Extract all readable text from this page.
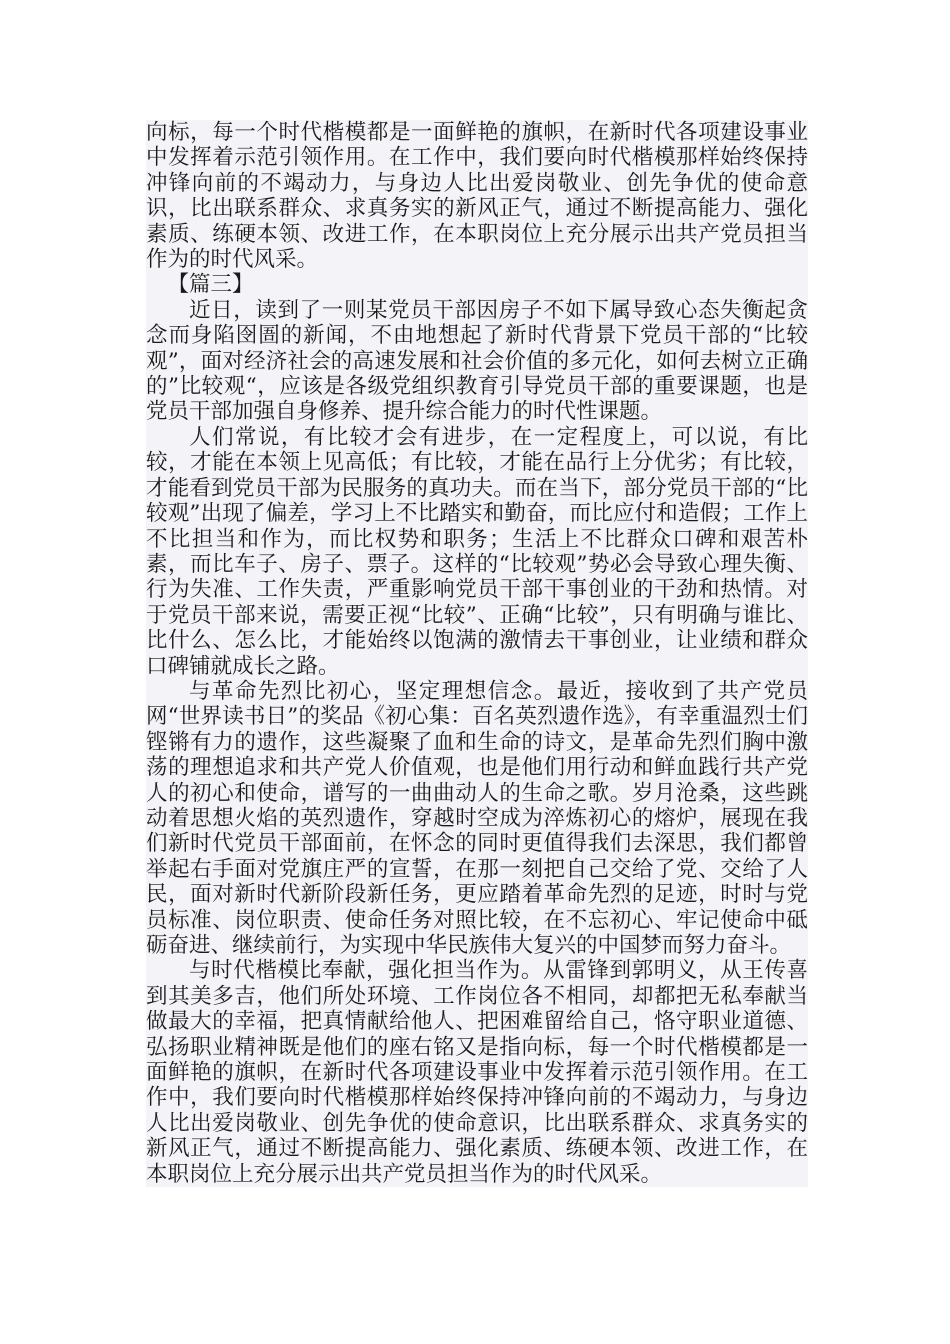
向标，每一个时代楷模都是一面鲜艳的旗帜，在新时代各项建设事业中发挥着示范引领作用。在工作中，我们要向时代楷模那样始终保持冲锋向前的不竭动力，与身边人比出爱岗敬业、创先争优的使命意识，比出联系群众、求真务实的新风正气，通过不断提高能力、强化素质、练硬本领、改进工作，在本职岗位上充分展示出共产党员担当作为的时代风采。

【篇三】

近日，读到了一则某党员干部因房子不如下属导致心态失衡起贪念而身陷囹圄的新闻，不由地想起了新时代背景下党员干部的“比较观”，面对经济社会的高速发展和社会价值的多元化，如何去树立正确的”比较观“，应该是各级党组织教育引导党员干部的重要课题，也是党员干部加强自身修养、提升综合能力的时代性课题。

人们常说，有比较才会有进步，在一定程度上，可以说，有比较，才能在本领上见高低；有比较，才能在品行上分优劣；有比较，才能看到党员干部为民服务的真功夫。而在当下，部分党员干部的“比较观”出现了偏差，学习上不比踏实和勤奋，而比应付和造假；工作上不比担当和作为，而比权势和职务；生活上不比群众口碑和艰苦朴素，而比车子、房子、票子。这样的“比较观”势必会导致心理失衡、行为失准、工作失责，严重影响党员干部干事创业的干劲和热情。对于党员干部来说，需要正视“比较”、正确“比较”，只有明确与谁比、比什么、怎么比，才能始终以饱满的激情去干事创业，让业绩和群众口碑铺就成长之路。

与革命先烈比初心，坚定理想信念。最近，接收到了共产党员网“世界读书日”的奖品《初心集：百名英烈遗作选》，有幸重温烈士们铿锵有力的遗作，这些凝聚了血和生命的诗文，是革命先烈们胸中激荡的理想追求和共产党人价值观，也是他们用行动和鲜血践行共产党人的初心和使命，谱写的一曲曲动人的生命之歌。岁月沧桑，这些跳动着思想火焰的英烈遗作，穿越时空成为淬炼初心的熔炉，展现在我们新时代党员干部面前，在怀念的同时更值得我们去深思，我们都曾举起右手面对党旗庄严的宣誓，在那一刻把自己交给了党、交给了人民，面对新时代新阶段新任务，更应踏着革命先烈的足迹，时时与党员标准、岗位职责、使命任务对照比较，在不忘初心、牢记使命中砥砺奋进、继续前行，为实现中华民族伟大复兴的中国梦而努力奋斗。

与时代楷模比奉献，强化担当作为。从雷锋到郭明义，从王传喜到其美多吉，他们所处环境、工作岗位各不相同，却都把无私奉献当做最大的幸福，把真情献给他人、把困难留给自己，恪守职业道德、弘扬职业精神既是他们的座右铭又是指向标，每一个时代楷模都是一面鲜艳的旗帜，在新时代各项建设事业中发挥着示范引领作用。在工作中，我们要向时代楷模那样始终保持冲锋向前的不竭动力，与身边人比出爱岗敬业、创先争优的使命意识，比出联系群众、求真务实的新风正气，通过不断提高能力、强化素质、练硬本领、改进工作，在本职岗位上充分展示出共产党员担当作为的时代风采。
